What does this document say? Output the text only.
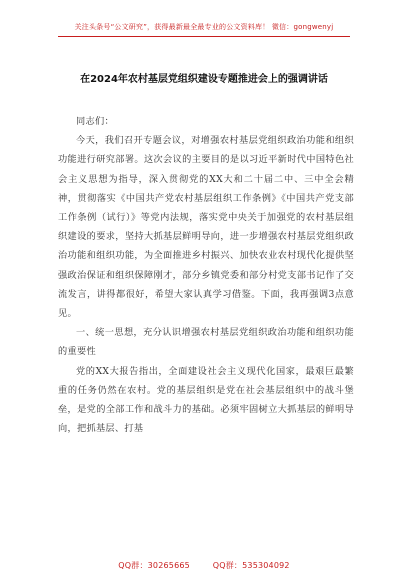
关注头条号“公文研究”，获得最新最全最专业的公文资料库！ 微信：gongwenyj
在2024年农村基层党组织建设专题推进会上的强调讲话

同志们：

今天，我们召开专题会议，对增强农村基层党组织政治功能和组织功能进行研究部署。这次会议的主要目的是以习近平新时代中国特色社会主义思想为指导，深入贯彻党的XX大和二十届二中、三中全会精神，贯彻落实《中国共产党农村基层组织工作条例》《中国共产党支部工作条例（试行）》等党内法规，落实党中央关于加强党的农村基层组织建设的要求，坚持大抓基层鲜明导向，进一步增强农村基层党组织政治功能和组织功能，为全面推进乡村振兴、加快农业农村现代化提供坚强政治保证和组织保障刚才，部分乡镇党委和部分村党支部书记作了交流发言，讲得都很好，希望大家认真学习借鉴。下面，我再强调3点意见。

一、统一思想，充分认识增强农村基层党组织政治功能和组织功能的重要性

党的XX大报告指出，全面建设社会主义现代化国家，最艰巨最繁重的任务仍然在农村。党的基层组织是党在社会基层组织中的战斗堡垒，是党的全部工作和战斗力的基础。必须牢固树立大抓基层的鲜明导向，把抓基层、打基

QQ群：30265665	QQ群：535304092
